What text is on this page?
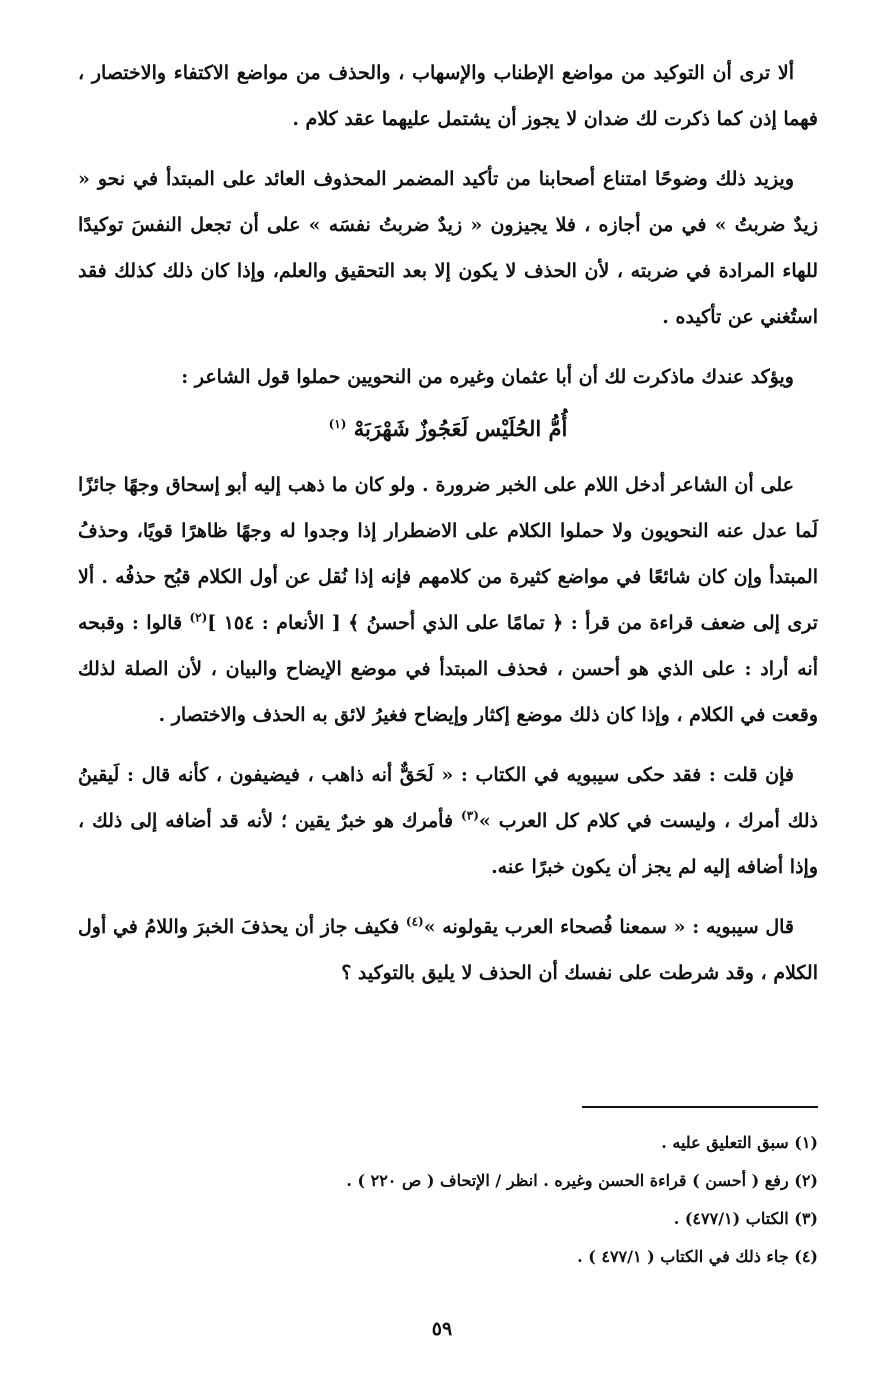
ألا ترى أن التوكيد من مواضع الإطناب والإسهاب ، والحذف من مواضع الاكتفاء والاختصار ، فهما إذن كما ذكرت لك ضدان لا يجوز أن يشتمل عليهما عقد كلام .

ويزيد ذلك وضوحًا امتناع أصحابنا من تأكيد المضمر المحذوف العائد على المبتدأ في نحو « زيدٌ ضربتُ » في من أجازه ، فلا يجيزون « زيدٌ ضربتُ نفسَه » على أن تجعل النفسَ توكيدًا للهاء المرادة في ضربته ، لأن الحذف لا يكون إلا بعد التحقيق والعلم، وإذا كان ذلك كذلك فقد استُغني عن تأكيده .

ويؤكد عندك ماذكرت لك أن أبا عثمان وغيره من النحويين حملوا قول الشاعر :

أُمُّ الحُلَيْس لَعَجُوزٌ شَهْرَبَهْ $^{(١)}$

على أن الشاعر أدخل اللام على الخبر ضرورة . ولو كان ما ذهب إليه أبو إسحاق وجهًا جائزًا لَما عدل عنه النحويون ولا حملوا الكلام على الاضطرار إذا وجدوا له وجهًا ظاهرًا قويًا، وحذفُ المبتدأ وإن كان شائعًا في مواضع كثيرة من كلامهم فإنه إذا نُقل عن أول الكلام قبُح حذفُه . ألا ترى إلى ضعف قراءة من قرأ : ﴿ تمامًا على الذي أحسنُ ﴾ [ الأنعام : ١٥٤ ]$^{(٢)}$ قالوا : وقبحه أنه أراد : على الذي هو أحسن ، فحذف المبتدأ في موضع الإيضاح والبيان ، لأن الصلة لذلك وقعت في الكلام ، وإذا كان ذلك موضع إكثار وإيضاح فغيرُ لائق به الحذف والاختصار .

فإن قلت : فقد حكى سيبويه في الكتاب : « لَحَقٌّ أنه ذاهب ، فيضيفون ، كأنه قال : لَيقينُ ذلك أمرك ، وليست في كلام كل العرب »$^{(٣)}$ فأمرك هو خبرٌ يقين ؛ لأنه قد أضافه إلى ذلك ، وإذا أضافه إليه لم يجز أن يكون خبرًا عنه.

قال سيبويه : « سمعنا فُصحاء العرب يقولونه »$^{(٤)}$ فكيف جاز أن يحذفَ الخبرَ واللامُ في أول الكلام ، وقد شرطت على نفسك أن الحذف لا يليق بالتوكيد ؟

(١) سبق التعليق عليه .

(٢) رفع ( أحسن ) قراءة الحسن وغيره . انظر / الإتحاف ( ص ٢٢٠ ) .

(٣) الكتاب (٤٧٧/١) .

(٤) جاء ذلك في الكتاب ( ٤٧٧/١ ) .

٥٩
